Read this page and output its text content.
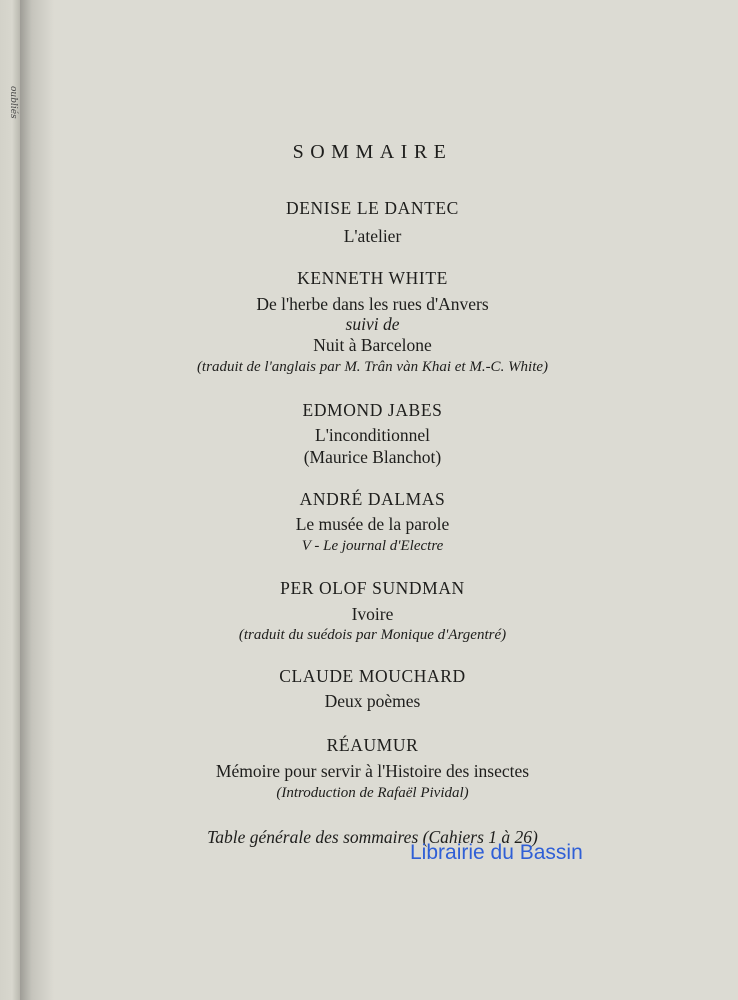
oubliés
SOMMAIRE
DENISE LE DANTEC
L'atelier
KENNETH WHITE
De l'herbe dans les rues d'Anvers
suivi de
Nuit à Barcelone
(traduit de l'anglais par M. Trân vàn Khai et M.-C. White)
EDMOND JABES
L'inconditionnel
(Maurice Blanchot)
ANDRÉ DALMAS
Le musée de la parole
V - Le journal d'Electre
PER OLOF SUNDMAN
Ivoire
(traduit du suédois par Monique d'Argentré)
CLAUDE MOUCHARD
Deux poèmes
RÉAUMUR
Mémoire pour servir à l'Histoire des insectes
(Introduction de Rafaël Pividal)
Table générale des sommaires (Cahiers 1 à 26)
Librairie du Bassin
